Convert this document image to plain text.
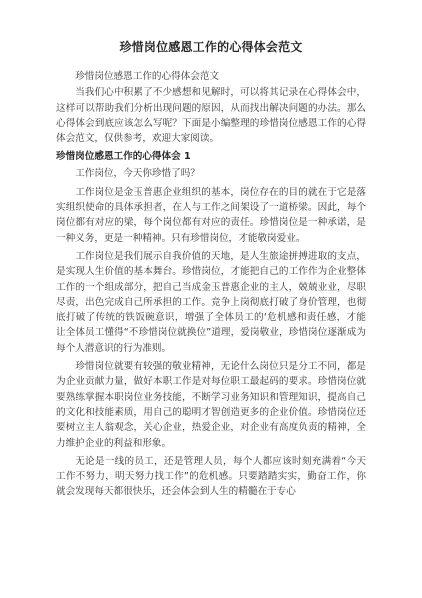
珍惜岗位感恩工作的心得体会范文

珍惜岗位感恩工作的心得体会范文

当我们心中积累了不少感想和见解时，可以将其记录在心得体会中，这样可以帮助我们分析出现问题的原因，从而找出解决问题的办法。那么心得体会到底应该怎么写呢？下面是小编整理的珍惜岗位感恩工作的心得体会范文，仅供参考，欢迎大家阅读。

珍惜岗位感恩工作的心得体会 1

工作岗位，今天你珍惜了吗？

工作岗位是金玉普惠企业组织的基本，岗位存在的目的就在于它是落实组织使命的具体承担者，在人与工作之间架设了一道桥梁。因此，每个岗位都有对应的梁，每个岗位都有对应的责任。珍惜岗位是一种承诺，是一种义务，更是一种精神。只有珍惜岗位，才能敬岗爱业。

工作岗位是我们展示自我价值的天地，是人生旅途拼搏进取的支点，是实现人生价值的基本舞台。珍惜岗位，才能把自己的工作作为企业整体工作的一个组成部分，把自己当成金玉普惠企业的主人，兢兢业业，尽职尽责，出色完成自己所承担的工作。竞争上岗彻底打破了身价管理，也彻底打破了传统的铁饭碗意识，增强了全体员工的‘危机感和责任感，才能让全体员工懂得“不珍惜岗位就换位”道理，爱岗敬业，珍惜岗位逐渐成为每个人潜意识的行为准则。

珍惜岗位就要有较强的敬业精神，无论什么岗位只是分工不同，都是为企业贡献力量，做好本职工作是对每位职工最起码的要求。珍惜岗位就要熟练掌握本职岗位业务技能，不断学习业务知识和管理知识，提高自己的文化和技能素质，用自己的聪明才智创造更多的企业价值。珍惜岗位还要树立主人翁观念，关心企业，热爱企业，对企业有高度负责的精神，全力维护企业的利益和形象。

无论是一线的员工，还是管理人员，每个人都应该时刻充满着“今天工作不努力，明天努力找工作”的危机感。只要踏踏实实，勤奋工作，你就会发现每天都很快乐，还会体会到人生的精髓在于专心
